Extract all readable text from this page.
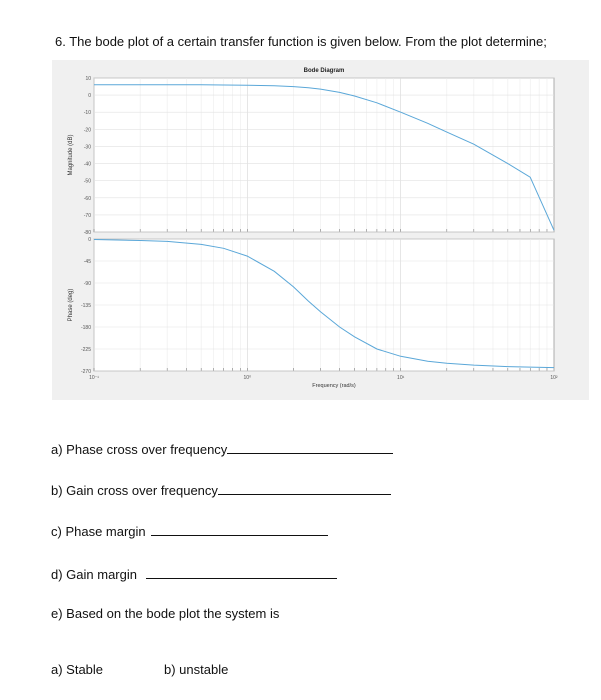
6. The bode plot of a certain transfer function is given below. From the plot determine;

Bode Diagram
10
0
-10
-20
-30
-40
-50
-60
-70
-80
Magnitude (dB)
0
-45
-90
-135
-180
-225
-270
Phase (deg)
10⁻¹	10⁰	10¹	10²
Frequency (rad/s)
a) Phase cross over frequency
b) Gain cross over frequency
c) Phase margin
d) Gain margin
e) Based on the bode plot the system is
a) Stable	b) unstable
